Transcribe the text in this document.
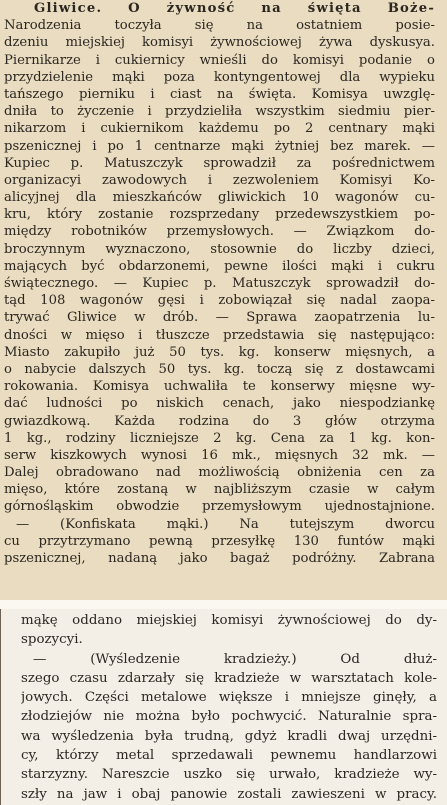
Gliwice. O żywność na święta Boże-
Narodzenia toczyła się na ostatniem posie-
dzeniu miejskiej komisyi żywnościowej żywa dyskusya.
Piernikarze i cukiernicy wnieśli do komisyi podanie o
przydzielenie mąki poza kontyngentowej dla wypieku
tańszego pierniku i ciast na święta. Komisya uwzglę-
dniła to życzenie i przydzieliła wszystkim siedmiu pier-
nikarzom i cukiernikom każdemu po 2 centnary mąki
pszenicznej i po 1 centnarze mąki żytniej bez marek. —
Kupiec p. Matuszczyk sprowadził za pośrednictwem
organizacyi zawodowych i zezwoleniem Komisyi Ko-
alicyjnej dla mieszkańców gliwickich 10 wagonów cu-
kru, który zostanie rozsprzedany przedewszystkiem po-
między robotników przemysłowych. — Związkom do-
broczynnym wyznaczono, stosownie do liczby dzieci,
mających być obdarzonemi, pewne ilości mąki i cukru
świątecznego. — Kupiec p. Matuszczyk sprowadził do-
tąd 108 wagonów gęsi i zobowiązał się nadal zaopa-
trywać Gliwice w drób. — Sprawa zaopatrzenia lu-
dności w mięso i tłuszcze przedstawia się następująco:
Miasto zakupiło już 50 tys. kg. konserw mięsnych, a
o nabycie dalszych 50 tys. kg. toczą się z dostawcami
rokowania. Komisya uchwaliła te konserwy mięsne wy-
dać ludności po niskich cenach, jako niespodziankę
gwiazdkową. Każda rodzina do 3 głów otrzyma
1 kg., rodziny liczniejsze 2 kg. Cena za 1 kg. kon-
serw kiszkowych wynosi 16 mk., mięsnych 32 mk. —
Dalej obradowano nad możliwością obniżenia cen za
mięso, które zostaną w najbliższym czasie w całym
górnośląskim obwodzie przemysłowym ujednostajnione.
— (Konfiskata mąki.) Na tutejszym dworcu
cu przytrzymano pewną przesyłkę 130 funtów mąki
pszenicznej, nadaną jako bagaż podróżny. Zabrana
mąkę oddano miejskiej komisyi żywnościowej do dy-
spozycyi.
— (Wyśledzenie kradzieży.) Od dłuż-
szego czasu zdarzały się kradzieże w warsztatach kole-
jowych. Części metalowe większe i mniejsze ginęły, a
złodziejów nie można było pochwycić. Naturalnie spra-
wa wyśledzenia była trudną, gdyż kradli dwaj urzędni-
cy, którzy metal sprzedawali pewnemu handlarzowi
starzyzny. Nareszcie uszko się urwało, kradzieże wy-
szły na jaw i obaj panowie zostali zawieszeni w pracy.
